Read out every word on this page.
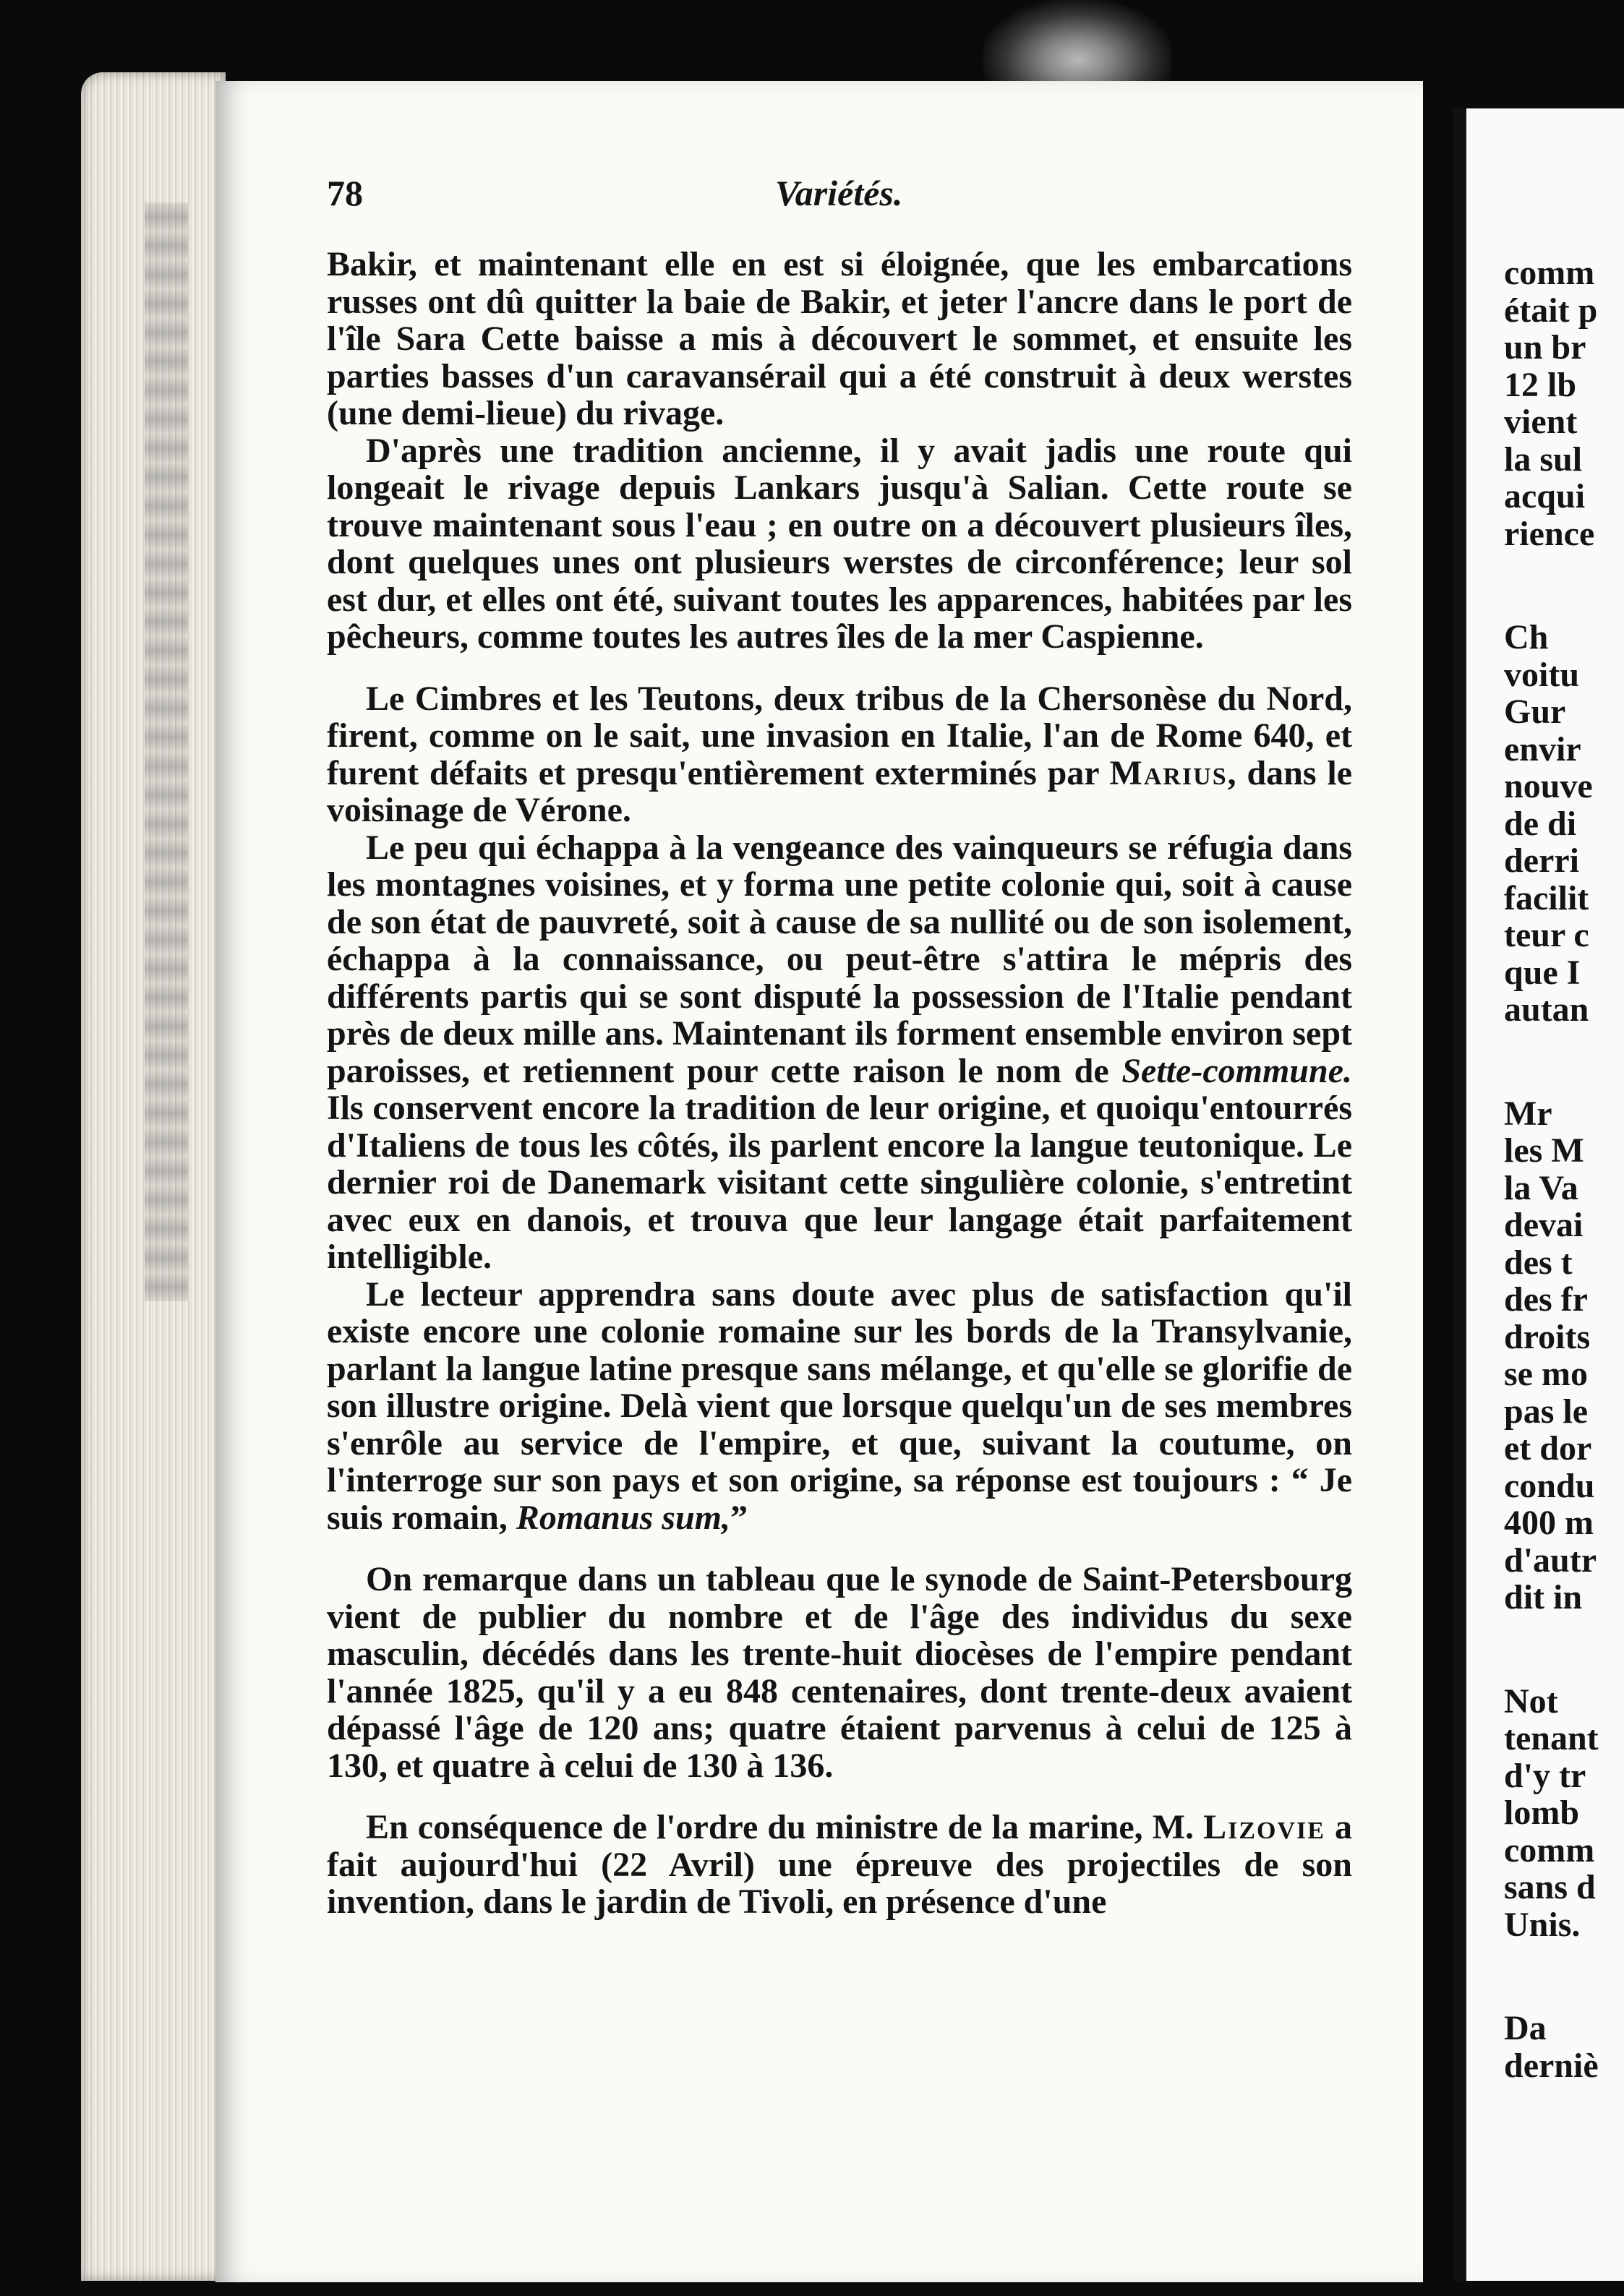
78	Variétés.

Bakir, et maintenant elle en est si éloignée, que les embarcations russes ont dû quitter la baie de Bakir, et jeter l'ancre dans le port de l'île Sara Cette baisse a mis à découvert le sommet, et ensuite les parties basses d'un caravansérail qui a été construit à deux werstes (une demi-lieue) du rivage.

D'après une tradition ancienne, il y avait jadis une route qui longeait le rivage depuis Lankars jusqu'à Salian. Cette route se trouve maintenant sous l'eau ; en outre on a découvert plusieurs îles, dont quelques unes ont plusieurs werstes de circonférence; leur sol est dur, et elles ont été, suivant toutes les apparences, habitées par les pêcheurs, comme toutes les autres îles de la mer Caspienne.

Le Cimbres et les Teutons, deux tribus de la Chersonèse du Nord, firent, comme on le sait, une invasion en Italie, l'an de Rome 640, et furent défaits et presqu'entièrement exterminés par Marius, dans le voisinage de Vérone.

Le peu qui échappa à la vengeance des vainqueurs se réfugia dans les montagnes voisines, et y forma une petite colonie qui, soit à cause de son état de pauvreté, soit à cause de sa nullité ou de son isolement, échappa à la connaissance, ou peut-être s'attira le mépris des différents partis qui se sont disputé la possession de l'Italie pendant près de deux mille ans. Maintenant ils forment ensemble environ sept paroisses, et retiennent pour cette raison le nom de Sette-commune. Ils conservent encore la tradition de leur origine, et quoiqu'entourrés d'Italiens de tous les côtés, ils parlent encore la langue teutonique. Le dernier roi de Danemark visitant cette singulière colonie, s'entretint avec eux en danois, et trouva que leur langage était parfaitement intelligible.

Le lecteur apprendra sans doute avec plus de satisfaction qu'il existe encore une colonie romaine sur les bords de la Transylvanie, parlant la langue latine presque sans mélange, et qu'elle se glorifie de son illustre origine. Delà vient que lorsque quelqu'un de ses membres s'enrôle au service de l'empire, et que, suivant la coutume, on l'interroge sur son pays et son origine, sa réponse est toujours : “ Je suis romain, Romanus sum,”

On remarque dans un tableau que le synode de Saint-Petersbourg vient de publier du nombre et de l'âge des individus du sexe masculin, décédés dans les trente-huit diocèses de l'empire pendant l'année 1825, qu'il y a eu 848 centenaires, dont trente-deux avaient dépassé l'âge de 120 ans; quatre étaient parvenus à celui de 125 à 130, et quatre à celui de 130 à 136.

En conséquence de l'ordre du ministre de la marine, M. Lizovie a fait aujourd'hui (22 Avril) une épreuve des projectiles de son invention, dans le jardin de Tivoli, en présence d'une

comm
était p
un br
12 lb
vient
la sul
acqui
rience
Ch
voitu
Gur
envir
nouve
de di
derri
facilit
teur c
que I
autan
Mr
les M
la Va
devai
des t
des fr
droits
se mo
pas le
et dor
condu
400 m
d'autr
dit in
Not
tenant
d'y tr
lomb
comm
sans d
Unis.
Da
derniè
